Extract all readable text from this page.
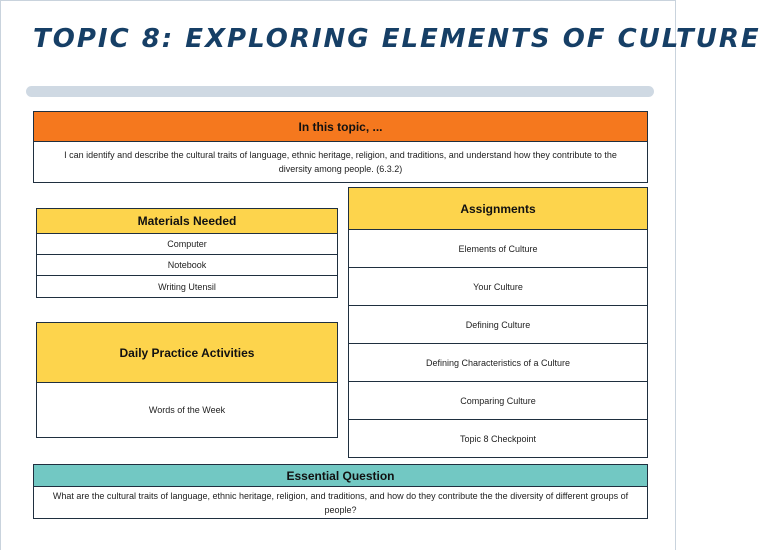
TOPIC 8: EXPLORING ELEMENTS OF CULTURE
In this topic, ...
I can identify and describe the cultural traits of language, ethnic heritage, religion, and traditions, and understand how they contribute to the diversity among people. (6.3.2)
Materials Needed
Computer
Notebook
Writing Utensil
Daily Practice Activities
Words of the Week
Assignments
Elements of Culture
Your Culture
Defining Culture
Defining Characteristics of a Culture
Comparing Culture
Topic 8 Checkpoint
Essential Question
What are the cultural traits of language, ethnic heritage, religion, and traditions, and how do they contribute the the diversity of different groups of people?
